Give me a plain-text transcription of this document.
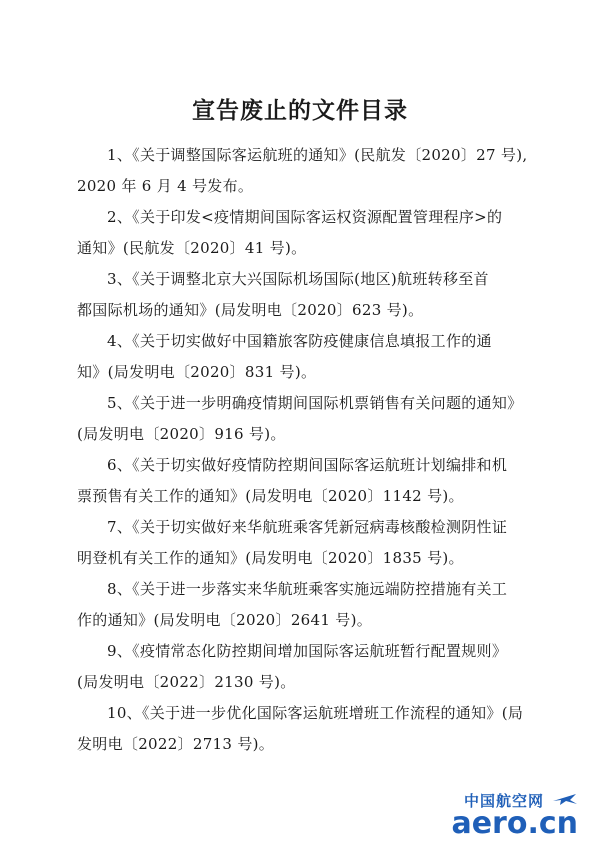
宣告废止的文件目录
1、《关于调整国际客运航班的通知》(民航发〔2020〕27 号),
2020 年 6 月 4 号发布。
2、《关于印发<疫情期间国际客运权资源配置管理程序>的
通知》(民航发〔2020〕41 号)。
3、《关于调整北京大兴国际机场国际(地区)航班转移至首
都国际机场的通知》(局发明电〔2020〕623 号)。
4、《关于切实做好中国籍旅客防疫健康信息填报工作的通
知》(局发明电〔2020〕831 号)。
5、《关于进一步明确疫情期间国际机票销售有关问题的通知》
(局发明电〔2020〕916 号)。
6、《关于切实做好疫情防控期间国际客运航班计划编排和机
票预售有关工作的通知》(局发明电〔2020〕1142 号)。
7、《关于切实做好来华航班乘客凭新冠病毒核酸检测阴性证
明登机有关工作的通知》(局发明电〔2020〕1835 号)。
8、《关于进一步落实来华航班乘客实施远端防控措施有关工
作的通知》(局发明电〔2020〕2641 号)。
9、《疫情常态化防控期间增加国际客运航班暂行配置规则》
(局发明电〔2022〕2130 号)。
10、《关于进一步优化国际客运航班增班工作流程的通知》(局
发明电〔2022〕2713 号)。
中国航空网
aero.cn
